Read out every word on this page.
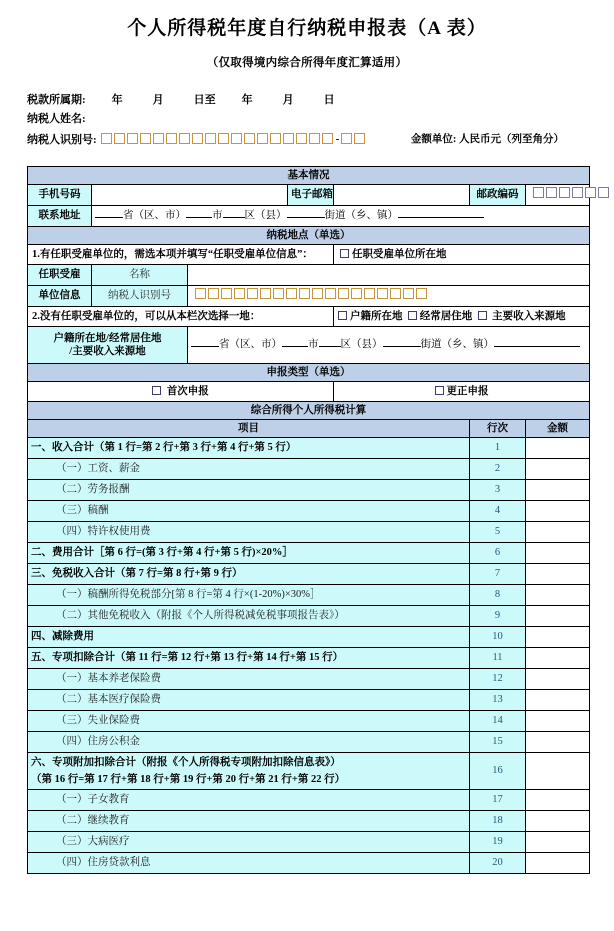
个人所得税年度自行纳税申报表（A 表）
（仅取得境内综合所得年度汇算适用）
税款所属期: 年	月	日至 年	月	日
纳税人姓名:
纳税人识别号:	-	金额单位: 人民币元（列至角分）
基本情况						
手机号码			电子邮箱		邮政编码	

联系地址	省（区、市） 市 区（县） 街道（乡、镇）					
纳税地点（单选）						
1.有任职受雇单位的，需选本项并填写“任职受雇单位信息”：				任职受雇单位所在地		
任职受雇	名称					
单位信息	纳税人识别号					

2.没有任职受雇单位的，可以从本栏次选择一地：				户籍所在地 经常居住地 主要收入来源地		
户籍所在地/经常居住地
/主要收入来源地		省（区、市） 市 区（县） 街道（乡、镇）				
申报类型（单选）						
首次申报				更正申报		
综合所得个人所得税计算						
项目					行次	金额
一、收入合计（第 1 行=第 2 行+第 3 行+第 4 行+第 5 行）					1	
（一）工资、薪金					2	
（二）劳务报酬					3	
（三）稿酬					4	
（四）特许权使用费					5	
二、费用合计［第 6 行=(第 3 行+第 4 行+第 5 行)×20%］					6	
三、免税收入合计（第 7 行=第 8 行+第 9 行）					7	
（一）稿酬所得免税部分[第 8 行=第 4 行×(1-20%)×30%］					8	
（二）其他免税收入（附报《个人所得税减免税事项报告表》）					9	
四、减除费用					10	
五、专项扣除合计（第 11 行=第 12 行+第 13 行+第 14 行+第 15 行）					11	
（一）基本养老保险费					12	
（二）基本医疗保险费					13	
（三）失业保险费					14	
（四）住房公积金					15	

六、专项附加扣除合计（附报《个人所得税专项附加扣除信息表》）
（第 16 行=第 17 行+第 18 行+第 19 行+第 20 行+第 21 行+第 22 行）					16	
（一）子女教育					17	
（二）继续教育					18	
（三）大病医疗					19	
（四）住房贷款利息					20	
